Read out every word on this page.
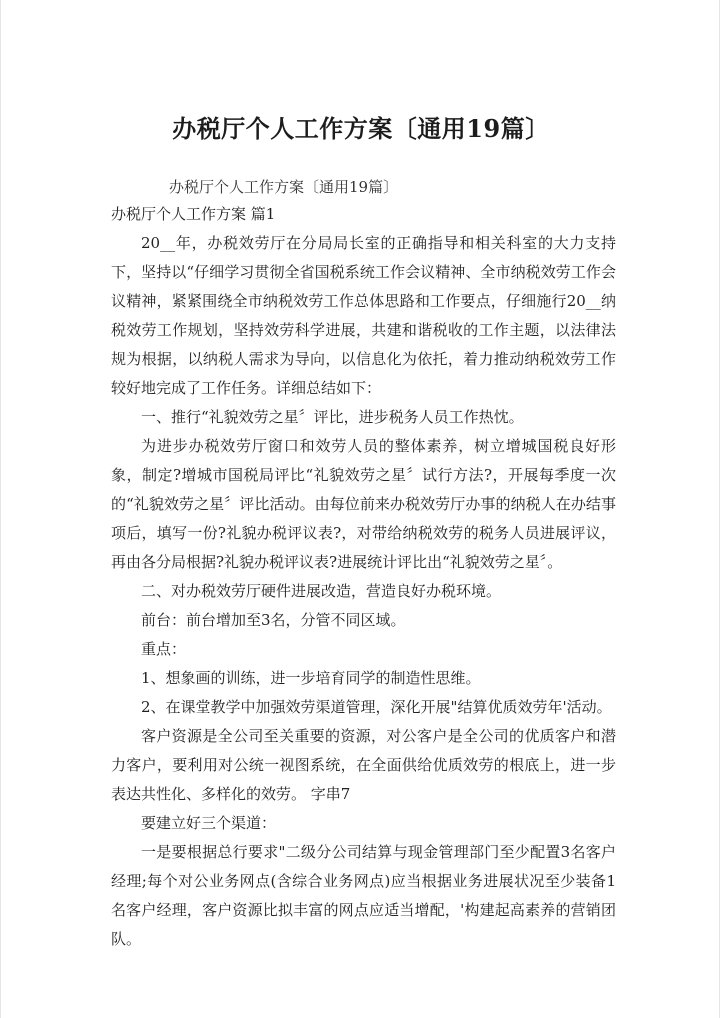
办税厅个人工作方案〔通用19篇〕
办税厅个人工作方案〔通用19篇〕

办税厅个人工作方案 篇1

20__年，办税效劳厅在分局局长室的正确指导和相关科室的大力支持下，坚持以“仔细学习贯彻全省国税系统工作会议精神、全市纳税效劳工作会议精神，紧紧围绕全市纳税效劳工作总体思路和工作要点，仔细施行20__纳税效劳工作规划，坚持效劳科学进展，共建和谐税收的工作主题，以法律法规为根据，以纳税人需求为导向，以信息化为依托，着力推动纳税效劳工作较好地完成了工作任务。详细总结如下：

一、推行“礼貌效劳之星〞评比，进步税务人员工作热忱。

为进步办税效劳厅窗口和效劳人员的整体素养，树立增城国税良好形象，制定?增城市国税局评比“礼貌效劳之星〞试行方法?，开展每季度一次的“礼貌效劳之星〞评比活动。由每位前来办税效劳厅办事的纳税人在办结事项后，填写一份?礼貌办税评议表?，对带给纳税效劳的税务人员进展评议，再由各分局根据?礼貌办税评议表?进展统计评比出“礼貌效劳之星〞。

二、对办税效劳厅硬件进展改造，营造良好办税环境。

前台：前台增加至3名，分管不同区域。

重点：

1、想象画的训练，进一步培育同学的制造性思维。

2、在课堂教学中加强效劳渠道管理，深化开展"结算优质效劳年'活动。

客户资源是全公司至关重要的资源，对公客户是全公司的优质客户和潜力客户，要利用对公统一视图系统，在全面供给优质效劳的根底上，进一步表达共性化、多样化的效劳。 字串7

要建立好三个渠道：

一是要根据总行要求"二级分公司结算与现金管理部门至少配置3名客户经理;每个对公业务网点(含综合业务网点)应当根据业务进展状况至少装备1名客户经理，客户资源比拟丰富的网点应适当增配，'构建起高素养的营销团队。
